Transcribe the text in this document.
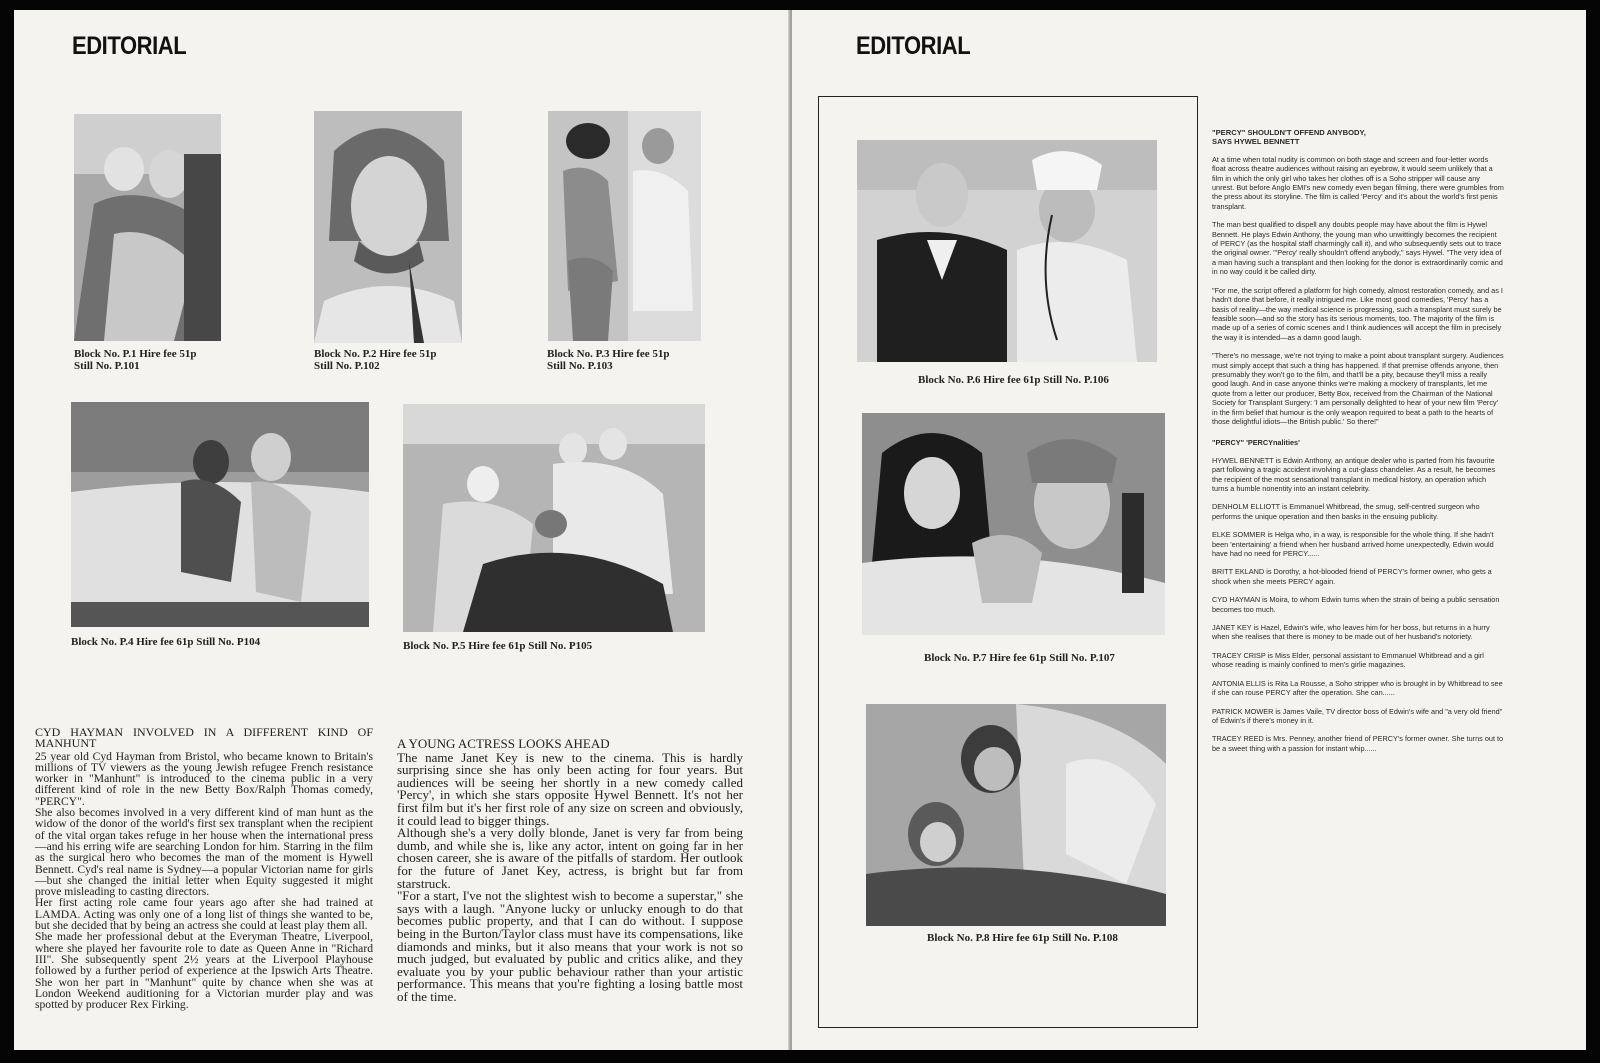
EDITORIAL
Block No. P.1 Hire fee 51p
Still No. P.101
Block No. P.2 Hire fee 51p
Still No. P.102
Block No. P.3 Hire fee 51p
Still No. P.103
Block No. P.4 Hire fee 61p Still No. P104	Block No. P.5 Hire fee 61p Still No. P105
CYD HAYMAN INVOLVED IN A DIFFERENT KIND OF MANHUNT

25 year old Cyd Hayman from Bristol, who became known to Britain's millions of TV viewers as the young Jewish refugee French resistance worker in "Manhunt" is introduced to the cinema public in a very different kind of role in the new Betty Box/Ralph Thomas comedy, "PERCY".

She also becomes involved in a very different kind of man hunt as the widow of the donor of the world's first sex transplant when the recipient of the vital organ takes refuge in her house when the international press—and his erring wife are searching London for him. Starring in the film as the surgical hero who becomes the man of the moment is Hywell Bennett. Cyd's real name is Sydney—a popular Victorian name for girls—but she changed the initial letter when Equity suggested it might prove misleading to casting directors.

Her first acting role came four years ago after she had trained at LAMDA. Acting was only one of a long list of things she wanted to be, but she decided that by being an actress she could at least play them all.

She made her professional debut at the Everyman Theatre, Liverpool, where she played her favourite role to date as Queen Anne in "Richard III". She subsequently spent 2½ years at the Liverpool Playhouse followed by a further period of experience at the Ipswich Arts Theatre. She won her part in "Manhunt" quite by chance when she was at London Weekend auditioning for a Victorian murder play and was spotted by producer Rex Firking.

A YOUNG ACTRESS LOOKS AHEAD

The name Janet Key is new to the cinema. This is hardly surprising since she has only been acting for four years. But audiences will be seeing her shortly in a new comedy called 'Percy', in which she stars opposite Hywel Bennett. It's not her first film but it's her first role of any size on screen and obviously, it could lead to bigger things.

Although she's a very dolly blonde, Janet is very far from being dumb, and while she is, like any actor, intent on going far in her chosen career, she is aware of the pitfalls of stardom. Her outlook for the future of Janet Key, actress, is bright but far from starstruck.

"For a start, I've not the slightest wish to become a superstar," she says with a laugh. "Anyone lucky or unlucky enough to do that becomes public property, and that I can do without. I suppose being in the Burton/Taylor class must have its compensations, like diamonds and minks, but it also means that your work is not so much judged, but evaluated by public and critics alike, and they evaluate you by your public behaviour rather than your artistic performance. This means that you're fighting a losing battle most of the time.

EDITORIAL
Block No. P.6 Hire fee 61p Still No. P.106
Block No. P.7 Hire fee 61p Still No. P.107
Block No. P.8 Hire fee 61p Still No. P.108
"PERCY" SHOULDN'T OFFEND ANYBODY,
SAYS HYWEL BENNETT

At a time when total nudity is common on both stage and screen and four-letter words float across theatre audiences without raising an eyebrow, it would seem unlikely that a film in which the only girl who takes her clothes off is a Soho stripper will cause any unrest. But before Anglo EMI's new comedy even began filming, there were grumbles from the press about its storyline. The film is called 'Percy' and it's about the world's first penis transplant.

The man best qualified to dispell any doubts people may have about the film is Hywel Bennett. He plays Edwin Anthony, the young man who unwittingly becomes the recipient of PERCY (as the hospital staff charmingly call it), and who subsequently sets out to trace the original owner. "'Percy' really shouldn't offend anybody," says Hywel. "The very idea of a man having such a transplant and then looking for the donor is extraordinarily comic and in no way could it be called dirty.

"For me, the script offered a platform for high comedy, almost restoration comedy, and as I hadn't done that before, it really intrigued me. Like most good comedies, 'Percy' has a basis of reality—the way medical science is progressing, such a transplant must surely be feasible soon—and so the story has its serious moments, too. The majority of the film is made up of a series of comic scenes and I think audiences will accept the film in precisely the way it is intended—as a damn good laugh.

"There's no message, we're not trying to make a point about transplant surgery. Audiences must simply accept that such a thing has happened. If that premise offends anyone, then presumably they won't go to the film, and that'll be a pity, because they'll miss a really good laugh. And in case anyone thinks we're making a mockery of transplants, let me quote from a letter our producer, Betty Box, received from the Chairman of the National Society for Transplant Surgery: 'I am personally delighted to hear of your new film 'Percy' in the firm belief that humour is the only weapon required to beat a path to the hearts of those delightful idiots—the British public.' So there!"

"PERCY" 'PERCYnalities'

HYWEL BENNETT is Edwin Anthony, an antique dealer who is parted from his favourite part following a tragic accident involving a cut-glass chandelier. As a result, he becomes the recipient of the most sensational transplant in medical history, an operation which turns a humble nonentity into an instant celebrity.

DENHOLM ELLIOTT is Emmanuel Whitbread, the smug, self-centred surgeon who performs the unique operation and then basks in the ensuing publicity.

ELKE SOMMER is Helga who, in a way, is responsible for the whole thing. If she hadn't been 'entertaining' a friend when her husband arrived home unexpectedly, Edwin would have had no need for PERCY......

BRITT EKLAND is Dorothy, a hot-blooded friend of PERCY's former owner, who gets a shock when she meets PERCY again.

CYD HAYMAN is Moira, to whom Edwin turns when the strain of being a public sensation becomes too much.

JANET KEY is Hazel, Edwin's wife, who leaves him for her boss, but returns in a hurry when she realises that there is money to be made out of her husband's notoriety.

TRACEY CRISP is Miss Elder, personal assistant to Emmanuel Whitbread and a girl whose reading is mainly confined to men's girlie magazines.

ANTONIA ELLIS is Rita La Rousse, a Soho stripper who is brought in by Whitbread to see if she can rouse PERCY after the operation. She can......

PATRICK MOWER is James Vaile, TV director boss of Edwin's wife and "a very old friend" of Edwin's if there's money in it.

TRACEY REED is Mrs. Penney, another friend of PERCY's former owner. She turns out to be a sweet thing with a passion for instant whip......
